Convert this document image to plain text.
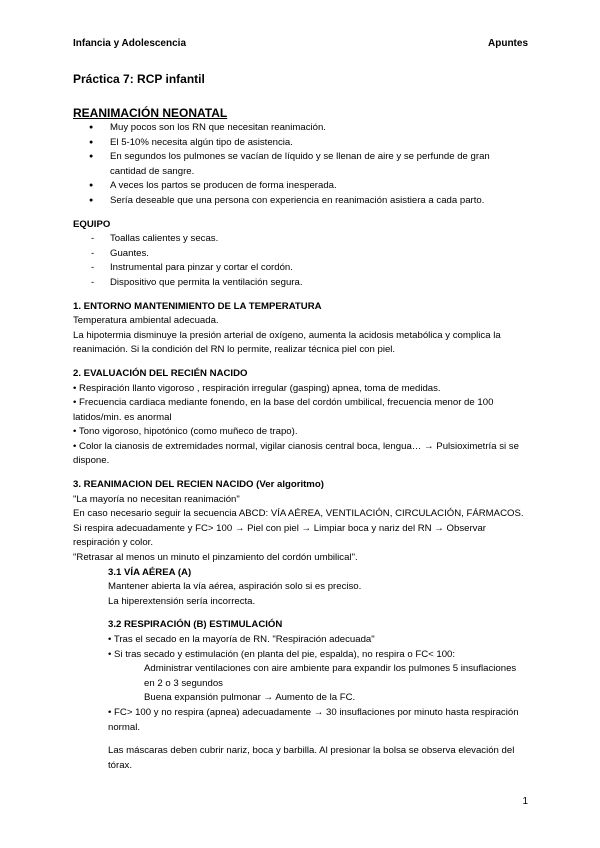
Infancia y Adolescencia	Apuntes
Práctica 7: RCP infantil

REANIMACIÓN NEONATAL

● Muy pocos son los RN que necesitan reanimación.
● El 5-10% necesita algún tipo de asistencia.
● En segundos los pulmones se vacían de líquido y se llenan de aire y se perfunde de gran cantidad de sangre.
● A veces los partos se producen de forma inesperada.
● Sería deseable que una persona con experiencia en reanimación asistiera a cada parto.

EQUIPO

- Toallas calientes y secas.
- Guantes.
- Instrumental para pinzar y cortar el cordón.
- Dispositivo que permita la ventilación segura.

1. ENTORNO MANTENIMIENTO DE LA TEMPERATURA

Temperatura ambiental adecuada.

La hipotermia disminuye la presión arterial de oxígeno, aumenta la acidosis metabólica y complica la reanimación. Si la condición del RN lo permite, realizar técnica piel con piel.

2. EVALUACIÓN DEL RECIÉN NACIDO

• Respiración llanto vigoroso , respiración irregular (gasping) apnea, toma de medidas.

• Frecuencia cardiaca mediante fonendo, en la base del cordón umbilical, frecuencia menor de 100 latidos/min. es anormal

• Tono vigoroso, hipotónico (como muñeco de trapo).

• Color la cianosis de extremidades normal, vigilar cianosis central boca, lengua… → Pulsioximetría si se dispone.

3. REANIMACION DEL RECIEN NACIDO (Ver algoritmo)

"La mayoría no necesitan reanimación"

En caso necesario seguir la secuencia ABCD: VÍA AÉREA, VENTILACIÓN, CIRCULACIÓN, FÁRMACOS.

Si respira adecuadamente y FC> 100 → Piel con piel → Limpiar boca y nariz del RN → Observar respiración y color.

"Retrasar al menos un minuto el pinzamiento del cordón umbilical".

3.1 VÍA AÉREA (A)

Mantener abierta la vía aérea, aspiración solo si es preciso.

La hiperextensión sería incorrecta.

3.2 RESPIRACIÓN (B) ESTIMULACIÓN

• Tras el secado en la mayoría de RN. "Respiración adecuada"

• Si tras secado y estimulación (en planta del pie, espalda), no respira o FC< 100:

Administrar ventilaciones con aire ambiente para expandir los pulmones 5 insuflaciones en 2 o 3 segundos

Buena expansión pulmonar → Aumento de la FC.

• FC> 100 y no respira (apnea) adecuadamente → 30 insuflaciones por minuto hasta respiración normal.

Las máscaras deben cubrir nariz, boca y barbilla. Al presionar la bolsa se observa elevación del tórax.

1
